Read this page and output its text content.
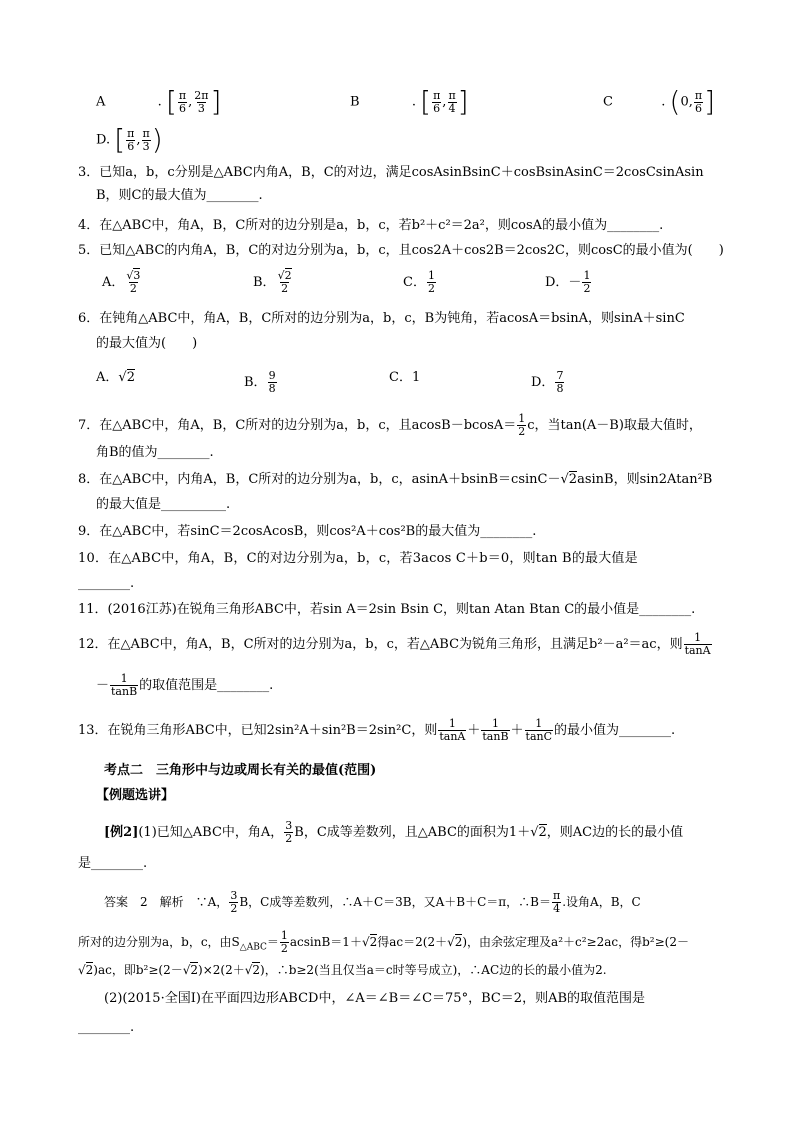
A	. [ $\frac{\pi}{6}$ , $\frac{2\pi}{3}$ ]	B	. [ $\frac{\pi}{6}$ , $\frac{\pi}{4}$ ]	C	. (0, $\frac{\pi}{6}$ ]
D. [ $\frac{\pi}{6}$ , $\frac{\pi}{3}$ )
3．已知a，b，c分别是△ABC内角A，B，C的对边，满足cosAsinBsinC＋cosBsinAsinC＝2cosCsinAsin
B，则C的最大值为________.
4．在△ABC中，角A，B，C所对的边分别是a，b，c，若b²＋c²＝2a²，则cosA的最小值为________.
5．已知△ABC的内角A，B，C的对边分别为a，b，c，且cos2A＋cos2B＝2cos2C，则cosC的最小值为(　　)
A． $\frac{√3}{2}$	B． $\frac{√2}{2}$	C． $\frac{1}{2}$	D．－ $\frac{1}{2}$
6．在钝角△ABC中，角A，B，C所对的边分别为a，b，c，B为钝角，若acosA＝bsinA，则sinA＋sinC
的最大值为(　　)
A．√2	B． $\frac{9}{8}$	C．1	D． $\frac{7}{8}$
7．在△ABC中，角A，B，C所对的边分别为a，b，c，且$acosB-bcosA= \frac{1}{2}$ c，当tan(A－B)取最大值时，
角B的值为________.
8．在△ABC中，内角A，B，C所对的边分别为a，b，c，asinA＋bsinB＝csinC－√2asinB，则sin2Atan²B
的最大值是__________.
9．在△ABC中，若sinC＝2cosAcosB，则cos²A＋cos²B的最大值为________.
10．在△ABC中，角A，B，C的对边分别为a，b，c，若3acos C＋b＝0，则tan B的最大值是
________.
11．(2016江苏)在锐角三角形ABC中，若sin A＝2sin Bsin C，则tan Atan Btan C的最小值是________.
12．在△ABC中，角A，B，C所对的边分别为a，b，c，若△ABC为锐角三角形，且满足b²－a²＝ac，则 $\frac{1}{\tan A}$
－ $\frac{1}{\tan B}$ 的取值范围是________.
13．在锐角三角形ABC中，已知2sin²A＋sin²B＝2sin²C，则 $\frac{1}{\tan A} + \frac{1}{\tan B} + \frac{1}{\tan C}$ 的最小值为________.
考点二　三角形中与边或周长有关的最值(范围)
【例题选讲】
[例2](1)已知△ABC中，角A， $\frac{3}{2}$ B，C成等差数列，且△ABC的面积为1＋√2，则AC边的长的最小值
是________.
答案　2　解析　∵A， $\frac{3}{2}$ B，C成等差数列，∴A＋C＝3B，又A＋B＋C＝π，∴B＝ $\frac{\pi}{4}$ .设角A，B，C
所对的边分别为a，b，c，由$S_{\triangle ABC}= \frac{1}{2} acsinB=1+√2$得ac＝2(2＋√2)，由余弦定理及a²＋c²≥2ac，得b²≥(2－
√2)ac，即b²≥(2－√2)×2(2＋√2)，∴b≥2(当且仅当a＝c时等号成立)，∴AC边的长的最小值为2.
(2)(2015·全国Ⅰ)在平面四边形ABCD中，∠A＝∠B＝∠C＝75°，BC＝2，则AB的取值范围是
________.
